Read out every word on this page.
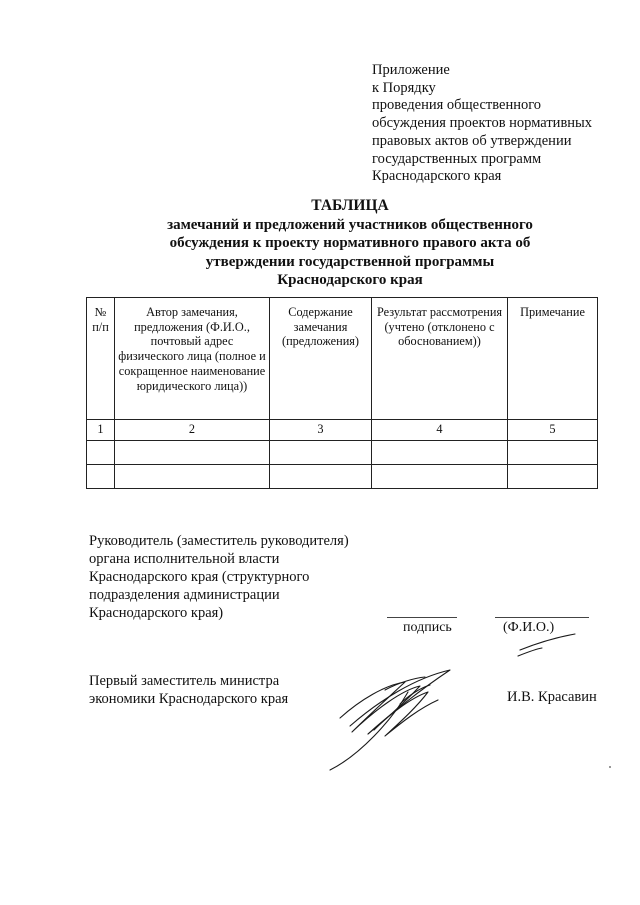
Приложение
к Порядку
проведения общественного
обсуждения проектов нормативных
правовых актов об утверждении
государственных программ
Краснодарского края
ТАБЛИЦА
замечаний и предложений участников общественного
обсуждения к проекту нормативного правого акта об
утверждении государственной программы
Краснодарского края
№ п/п	Автор замечания, предложения (Ф.И.О., почтовый адрес физического лица (полное и сокращенное наименование юридического лица))	Содержание замечания (предложения)	Результат рассмотрения (учтено (отклонено с обоснованием))	Примечание
1	2	3	4	5

Руководитель (заместитель руководителя)
органа исполнительной власти
Краснодарского края (структурного
подразделения администрации
Краснодарского края)
подпись	(Ф.И.О.)
Первый заместитель министра
экономики Краснодарского края	И.В. Красавин
